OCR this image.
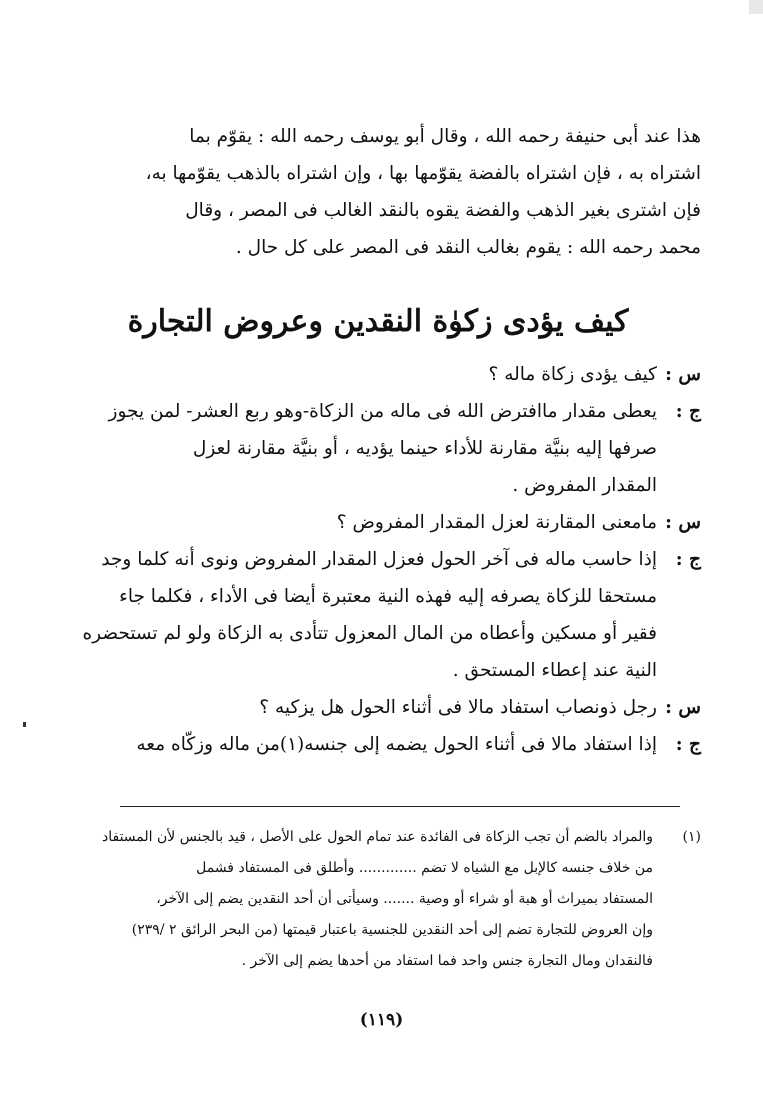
هذا عند أبى حنيفة رحمه الله ، وقال أبو يوسف رحمه الله : يقوّم بما

اشتراه به ، فإن اشتراه بالفضة يقوّمها بها ، وإن اشتراه بالذهب يقوّمها به،

فإن اشترى بغير الذهب والفضة يقوه بالنقد الغالب فى المصر ، وقال

محمد رحمه الله : يقوم بغالب النقد فى المصر على كل حال .

كيف يؤدى زكوٰة النقدين وعروض التجارة
س :

كيف يؤدى زكاة ماله ؟

ج :

يعطى مقدار ماافترض الله فى ماله من الزكاة-وهو ربع العشر- لمن يجوز

صرفها إليه بنيَّة مقارنة للأداء حينما يؤديه ، أو بنيَّة مقارنة لعزل

المقدار المفروض .

س :

مامعنى المقارنة لعزل المقدار المفروض ؟

ج :

إذا حاسب ماله فى آخر الحول فعزل المقدار المفروض ونوى أنه كلما وجد

مستحقا للزكاة يصرفه إليه فهذه النية معتبرة أيضا فى الأداء ، فكلما جاء

فقير أو مسكين وأعطاه من المال المعزول تتأدى به الزكاة ولو لم تستحضره

النية عند إعطاء المستحق .

س :

رجل ذونصاب استفاد مالا فى أثناء الحول هل يزكيه ؟

ج :

إذا استفاد مالا فى أثناء الحول يضمه إلى جنسه(١)من ماله وزكّاه معه

(١)

والمراد بالضم أن تجب الزكاة فى الفائدة عند تمام الحول على الأصل ، قيد بالجنس لأن المستفاد

من خلاف جنسه كالإبل مع الشياه لا تضم ............. وأطلق فى المستفاد فشمل

المستفاد بميراث أو هبة أو شراء أو وصية ....... وسيأتى أن أحد النقدين يضم إلى الآخر،

وإن العروض للتجارة تضم إلى أحد النقدين للجنسية باعتبار قيمتها (من البحر الرائق ٢ /٢٣٩)

فالنقدان ومال التجارة جنس واحد فما استفاد من أحدها يضم إلى الآخر .

(١١٩)
